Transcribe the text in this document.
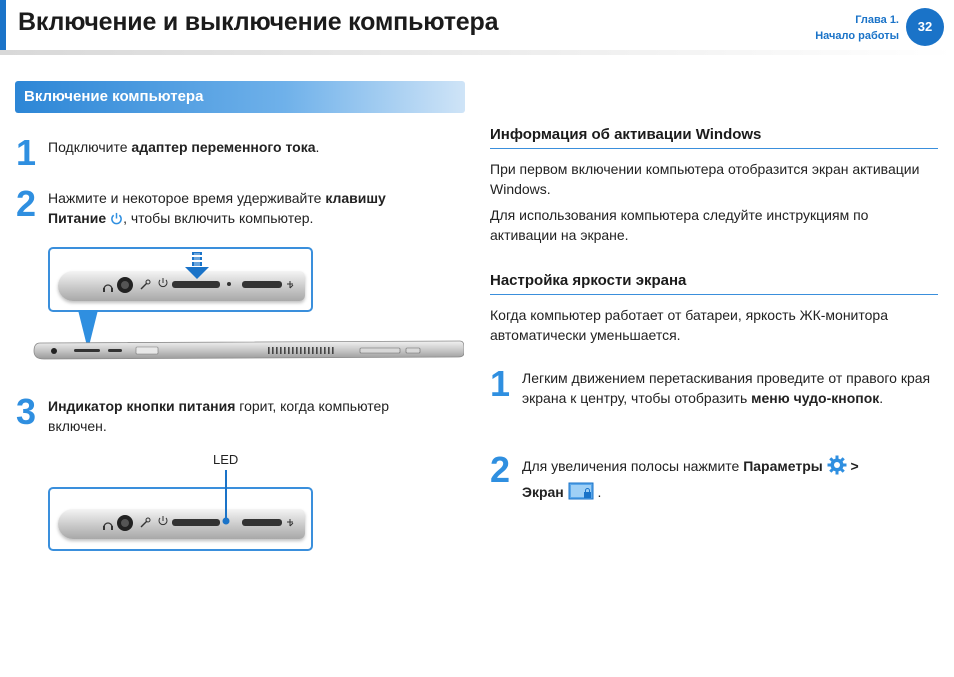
Включение и выключение компьютера	Глава 1.
Начало работы
32
Включение компьютера
1 Подключите адаптер переменного тока.
2 Нажмите и некоторое время удерживайте клавишу
Питание , чтобы включить компьютер.
3 Индикатор кнопки питания горит, когда компьютер
включен.
LED
Информация об активации Windows
При первом включении компьютера отобразится экран активации Windows.
Для использования компьютера следуйте инструкциям по активации на экране.
Настройка яркости экрана
Когда компьютер работает от батареи, яркость ЖК-монитора автоматически уменьшается.
1 Легким движением перетаскивания проведите от правого края экрана к центру, чтобы отобразить меню чудо-кнопок.
2 Для увеличения полосы нажмите Параметры  >
Экран  .
